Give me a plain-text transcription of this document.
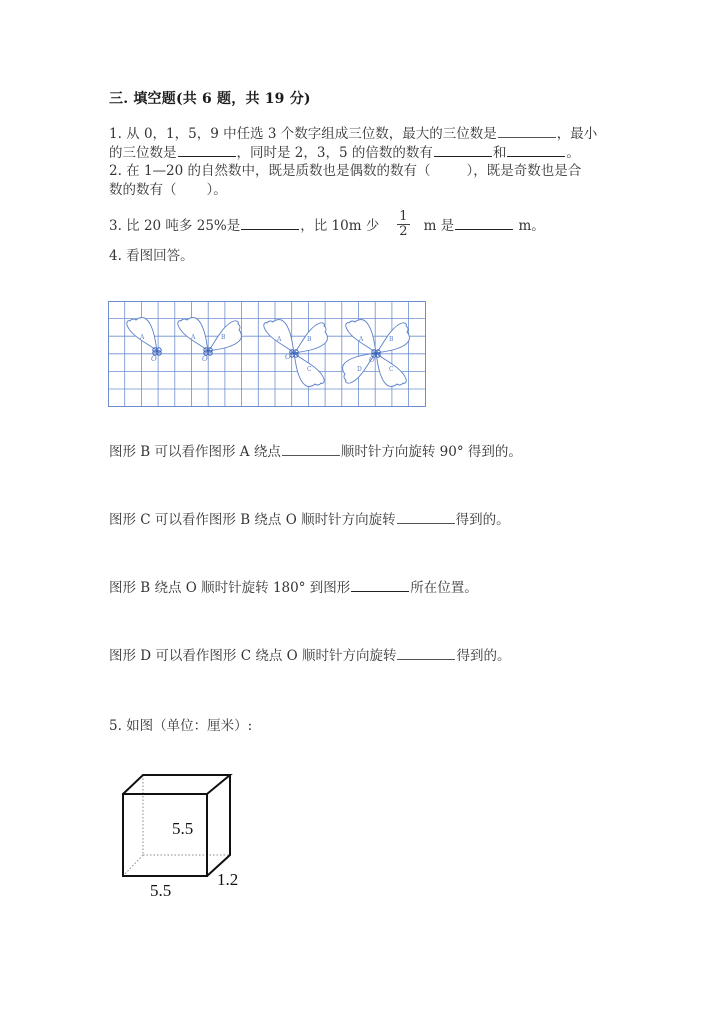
三. 填空题(共 6 题，共 19 分)
1. 从 0，1，5，9 中任选 3 个数字组成三位数，最大的三位数是	，最小
的三位数是	，同时是 2，3，5 的倍数的数有	和	。
2. 在 1—20 的自然数中，既是质数也是偶数的数有（	），既是奇数也是合
数的数有（ ）。
3. 比 20 吨多 25%是	，比 10m 少 $\frac{1}{2}$ m 是	m。
4. 看图回答。
A
O
A	B
O
A	B
C
O
A	B
C
D
O
图形 B 可以看作图形 A 绕点	顺时针方向旋转 90° 得到的。
图形 C 可以看作图形 B 绕点 O 顺时针方向旋转	得到的。
图形 B 绕点 O 顺时针旋转 180° 到图形	所在位置。
图形 D 可以看作图形 C 绕点 O 顺时针方向旋转	得到的。
5. 如图（单位：厘米）:
5.5
5.5
1.2
